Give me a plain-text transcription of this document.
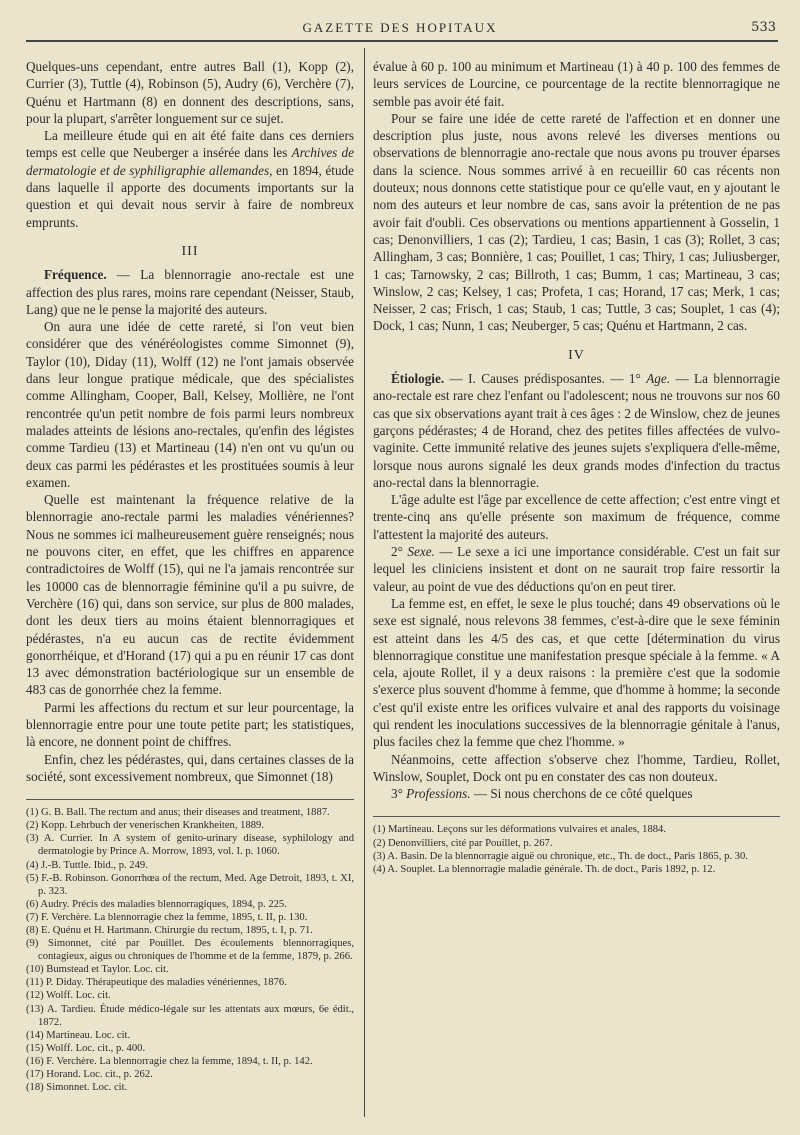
GAZETTE DES HOPITAUX	533

Quelques-uns cependant, entre autres Ball (1), Kopp (2), Currier (3), Tuttle (4), Robinson (5), Audry (6), Verchère (7), Quénu et Hartmann (8) en donnent des descriptions, sans, pour la plupart, s'arrêter longuement sur ce sujet.

La meilleure étude qui en ait été faite dans ces derniers temps est celle que Neuberger a insérée dans les Archives de dermatologie et de syphiligraphie allemandes, en 1894, étude dans laquelle il apporte des documents importants sur la question et qui devait nous servir à faire de nombreux emprunts.

III

Fréquence. — La blennorragie ano-rectale est une affection des plus rares, moins rare cependant (Neisser, Staub, Lang) que ne le pense la majorité des auteurs.

On aura une idée de cette rareté, si l'on veut bien considérer que des vénéréologistes comme Simonnet (9), Taylor (10), Diday (11), Wolff (12) ne l'ont jamais observée dans leur longue pratique médicale, que des spécialistes comme Allingham, Cooper, Ball, Kelsey, Mollière, ne l'ont rencontrée qu'un petit nombre de fois parmi leurs nombreux malades atteints de lésions ano-rectales, qu'enfin des légistes comme Tardieu (13) et Martineau (14) n'en ont vu qu'un ou deux cas parmi les pédérastes et les prostituées soumis à leur examen.

Quelle est maintenant la fréquence relative de la blennorragie ano-rectale parmi les maladies vénériennes? Nous ne sommes ici malheureusement guère renseignés; nous ne pouvons citer, en effet, que les chiffres en apparence contradictoires de Wolff (15), qui ne l'a jamais rencontrée sur les 10000 cas de blennorragie féminine qu'il a pu suivre, de Verchère (16) qui, dans son service, sur plus de 800 malades, dont les deux tiers au moins étaient blennorragiques et pédérastes, n'a eu aucun cas de rectite évidemment gonorrhéique, et d'Horand (17) qui a pu en réunir 17 cas dont 13 avec démonstration bactériologique sur un ensemble de 483 cas de gonorrhée chez la femme.

Parmi les affections du rectum et sur leur pourcentage, la blennorragie entre pour une toute petite part; les statistiques, là encore, ne donnent point de chiffres.

Enfin, chez les pédérastes, qui, dans certaines classes de la société, sont excessivement nombreux, que Simonnet (18)

(1) G. B. Ball. The rectum and anus; their diseases and treatment, 1887.
(2) Kopp. Lehrbuch der venerischen Krankheiten, 1889.
(3) A. Currier. In A system of genito-urinary disease, syphilology and dermatologie by Prince A. Morrow, 1893, vol. I. p. 1060.
(4) J.-B. Tuttle. Ibid., p. 249.
(5) F.-B. Robinson. Gonorrhœa of the rectum, Med. Age Detroit, 1893, t. XI, p. 323.
(6) Audry. Précis des maladies blennorragiques, 1894, p. 225.
(7) F. Verchère. La blennorragie chez la femme, 1895, t. II, p. 130.
(8) E. Quénu et H. Hartmann. Chirurgie du rectum, 1895, t. I, p. 71.
(9) Simonnet, cité par Pouillet. Des écoulements blennorragiques, contagieux, aigus ou chroniques de l'homme et de la femme, 1879, p. 266.
(10) Bumstead et Taylor. Loc. cit.
(11) P. Diday. Thérapeutique des maladies vénériennes, 1876.
(12) Wolff. Loc. cit.
(13) A. Tardieu. Étude médico-légale sur les attentats aux mœurs, 6e édit., 1872.
(14) Martineau. Loc. cit.
(15) Wolff. Loc. cit., p. 400.
(16) F. Verchère. La blennorragie chez la femme, 1894, t. II, p. 142.
(17) Horand. Loc. cit., p. 262.
(18) Simonnet. Loc. cit.

évalue à 60 p. 100 au minimum et Martineau (1) à 40 p. 100 des femmes de leurs services de Lourcine, ce pourcentage de la rectite blennorragique ne semble pas avoir été fait.

Pour se faire une idée de cette rareté de l'affection et en donner une description plus juste, nous avons relevé les diverses mentions ou observations de blennorragie ano-rectale que nous avons pu trouver éparses dans la science. Nous sommes arrivé à en recueillir 60 cas récents non douteux; nous donnons cette statistique pour ce qu'elle vaut, en y ajoutant le nom des auteurs et leur nombre de cas, sans avoir la prétention de ne pas avoir fait d'oubli. Ces observations ou mentions appartiennent à Gosselin, 1 cas; Denonvilliers, 1 cas (2); Tardieu, 1 cas; Basin, 1 cas (3); Rollet, 3 cas; Allingham, 3 cas; Bonnière, 1 cas; Pouillet, 1 cas; Thiry, 1 cas; Juliusberger, 1 cas; Tarnowsky, 2 cas; Billroth, 1 cas; Bumm, 1 cas; Martineau, 3 cas; Winslow, 2 cas; Kelsey, 1 cas; Profeta, 1 cas; Horand, 17 cas; Merk, 1 cas; Neisser, 2 cas; Frisch, 1 cas; Staub, 1 cas; Tuttle, 3 cas; Souplet, 1 cas (4); Dock, 1 cas; Nunn, 1 cas; Neuberger, 5 cas; Quénu et Hartmann, 2 cas.

IV

Étiologie. — I. Causes prédisposantes. — 1° Age. — La blennorragie ano-rectale est rare chez l'enfant ou l'adolescent; nous ne trouvons sur nos 60 cas que six observations ayant trait à ces âges : 2 de Winslow, chez de jeunes garçons pédérastes; 4 de Horand, chez des petites filles affectées de vulvo-vaginite. Cette immunité relative des jeunes sujets s'expliquera d'elle-même, lorsque nous aurons signalé les deux grands modes d'infection du tractus ano-rectal dans la blennorragie.

L'âge adulte est l'âge par excellence de cette affection; c'est entre vingt et trente-cinq ans qu'elle présente son maximum de fréquence, comme l'attestent la majorité des auteurs.

2° Sexe. — Le sexe a ici une importance considérable. C'est un fait sur lequel les cliniciens insistent et dont on ne saurait trop faire ressortir la valeur, au point de vue des déductions qu'on en peut tirer.

La femme est, en effet, le sexe le plus touché; dans 49 observations où le sexe est signalé, nous relevons 38 femmes, c'est-à-dire que le sexe féminin est atteint dans les 4/5 des cas, et que cette [détermination du virus blennorragique constitue une manifestation presque spéciale à la femme. « A cela, ajoute Rollet, il y a deux raisons : la première c'est que la sodomie s'exerce plus souvent d'homme à femme, que d'homme à homme; la seconde c'est qu'il existe entre les orifices vulvaire et anal des rapports du voisinage qui rendent les inoculations successives de la blennorragie génitale à l'anus, plus faciles chez la femme que chez l'homme. »

Néanmoins, cette affection s'observe chez l'homme, Tardieu, Rollet, Winslow, Souplet, Dock ont pu en constater des cas non douteux.

3° Professions. — Si nous cherchons de ce côté quelques

(1) Martineau. Leçons sur les déformations vulvaires et anales, 1884.
(2) Denonvilliers, cité par Pouillet, p. 267.
(3) A. Basin. De la blennorragie aiguë ou chronique, etc., Th. de doct., Paris 1865, p. 30.
(4) A. Souplet. La blennorragie maladie générale. Th. de doct., Paris 1892, p. 12.
